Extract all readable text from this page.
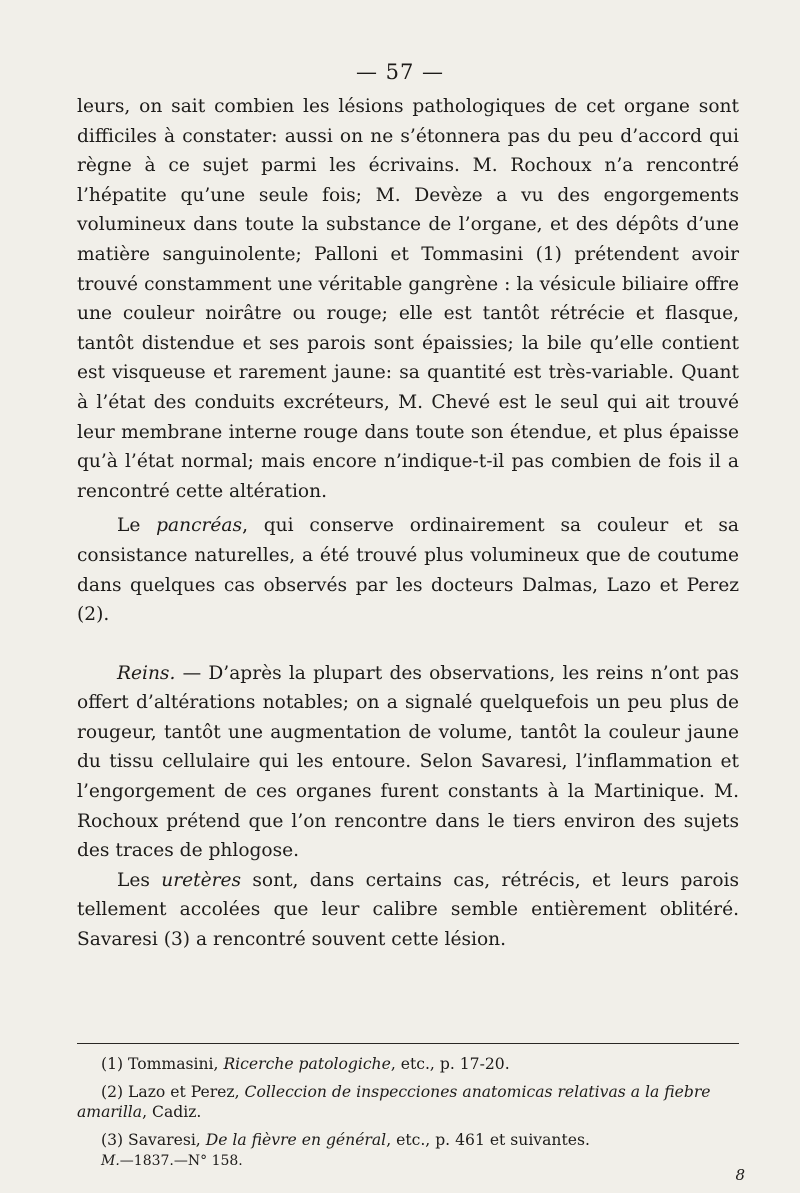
— 57 —

leurs, on sait combien les lésions pathologiques de cet organe sont difficiles à constater: aussi on ne s’étonnera pas du peu d’accord qui règne à ce sujet parmi les écrivains. M. Rochoux n’a rencontré l’hépatite qu’une seule fois; M. Devèze a vu des engorgements volumineux dans toute la substance de l’organe, et des dépôts d’une matière sanguinolente; Palloni et Tommasini (1) prétendent avoir trouvé constamment une véritable gangrène : la vésicule biliaire offre une couleur noirâtre ou rouge; elle est tantôt rétrécie et flasque, tantôt distendue et ses parois sont épaissies; la bile qu’elle contient est visqueuse et rarement jaune: sa quantité est très-variable. Quant à l’état des conduits excréteurs, M. Chevé est le seul qui ait trouvé leur membrane interne rouge dans toute son étendue, et plus épaisse qu’à l’état normal; mais encore n’indique-t-il pas combien de fois il a rencontré cette altération.

Le pancréas, qui conserve ordinairement sa couleur et sa consistance naturelles, a été trouvé plus volumineux que de coutume dans quelques cas observés par les docteurs Dalmas, Lazo et Perez (2).

Reins. — D’après la plupart des observations, les reins n’ont pas offert d’altérations notables; on a signalé quelquefois un peu plus de rougeur, tantôt une augmentation de volume, tantôt la couleur jaune du tissu cellulaire qui les entoure. Selon Savaresi, l’inflammation et l’engorgement de ces organes furent constants à la Martinique. M. Rochoux prétend que l’on rencontre dans le tiers environ des sujets des traces de phlogose.

Les uretères sont, dans certains cas, rétrécis, et leurs parois tellement accolées que leur calibre semble entièrement oblitéré. Savaresi (3) a rencontré souvent cette lésion.

(1) Tommasini, Ricerche patologiche, etc., p. 17-20.

(2) Lazo et Perez, Colleccion de inspecciones anatomicas relativas a la fiebre amarilla, Cadiz.

(3) Savaresi, De la fièvre en général, etc., p. 461 et suivantes.

M.—1837.—N° 158.

8
